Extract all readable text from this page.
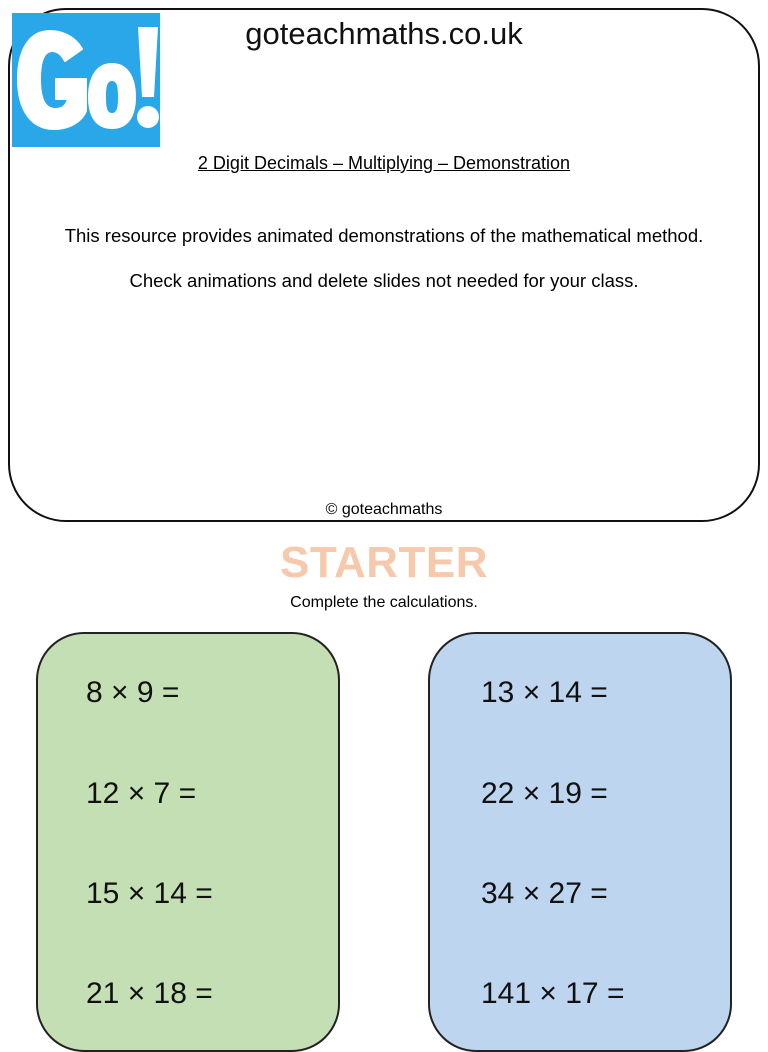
goteachmaths.co.uk
2 Digit Decimals – Multiplying – Demonstration
This resource provides animated demonstrations of the mathematical method.
Check animations and delete slides not needed for your class.
© goteachmaths
STARTER
Complete the calculations.
8 × 9 =
12 × 7 =
15 × 14 =
21 × 18 =
13 × 14 =
22 × 19 =
34 × 27 =
141 × 17 =
